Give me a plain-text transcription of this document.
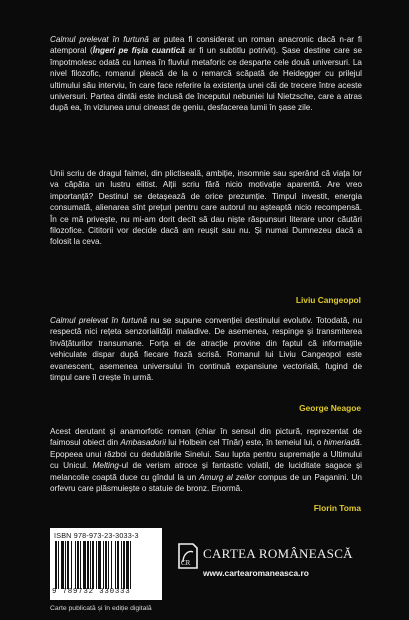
Calmul prelevat în furtună ar putea fi considerat un roman anacronic dacă n-ar fi atemporal (Îngeri pe fișia cuantică ar fi un subtitlu potrivit). Șase destine care se împotmolesc odată cu lumea în fluviul metaforic ce desparte cele două universuri. La nivel filozofic, romanul pleacă de la o remarcă scăpată de Heidegger cu prilejul ultimului său interviu, în care face referire la existența unei căi de trecere între aceste universuri. Partea dintâi este inclusă de începutul nebuniei lui Nietzsche, care a atras după ea, în viziunea unui cineast de geniu, desfacerea lumii în șase zile.

Unii scriu de dragul faimei, din plictiseală, ambiție, insomnie sau sperând că viața lor va căpăta un lustru elitist. Alții scriu fără nicio motivație aparentă. Are vreo importanță? Destinul se detașează de orice prezumție. Timpul investit, energia consumată, alienarea sînt prețuri pentru care autorul nu așteaptă nicio recompensă. În ce mă privește, nu mi-am dorit decît să dau niște răspunsuri literare unor căutări filozofice. Cititorii vor decide dacă am reușit sau nu. Și numai Dumnezeu dacă a folosit la ceva.

Liviu Cangeopol

Calmul prelevat în furtună nu se supune convenției destinului evolutiv. Totodată, nu respectă nici rețeta senzorialității maladive. De asemenea, respinge și transmiterea învățăturilor transumane. Forța ei de atracție provine din faptul că informațiile vehiculate dispar după fiecare frază scrisă. Romanul lui Liviu Cangeopol este evanescent, asemenea universului în continuă expansiune vectorială, fugind de timpul care îl crește în urmă.

George Neagoe

Acest derutant și anamorfotic roman (chiar în sensul din pictură, reprezentat de faimosul obiect din Ambasadorii lui Holbein cel Tînăr) este, în temeiul lui, o himeriadă. Epopeea unui război cu dedublările Sinelui. Sau lupta pentru supremație a Ultimului cu Unicul. Melting-ul de verism atroce și fantastic volatil, de luciditate sagace și melancolie coaptă duce cu gîndul la un Amurg al zeilor compus de un Paganini. Un orfevru care plăsmuiește o statuie de bronz. Enormă.

Florin Toma
ISBN 978-973-23-3033-3
9 789732 330333
Carte publicată și în ediție digitală
CR
CARTEA ROMÂNEASCĂ
www.cartearomaneasca.ro
